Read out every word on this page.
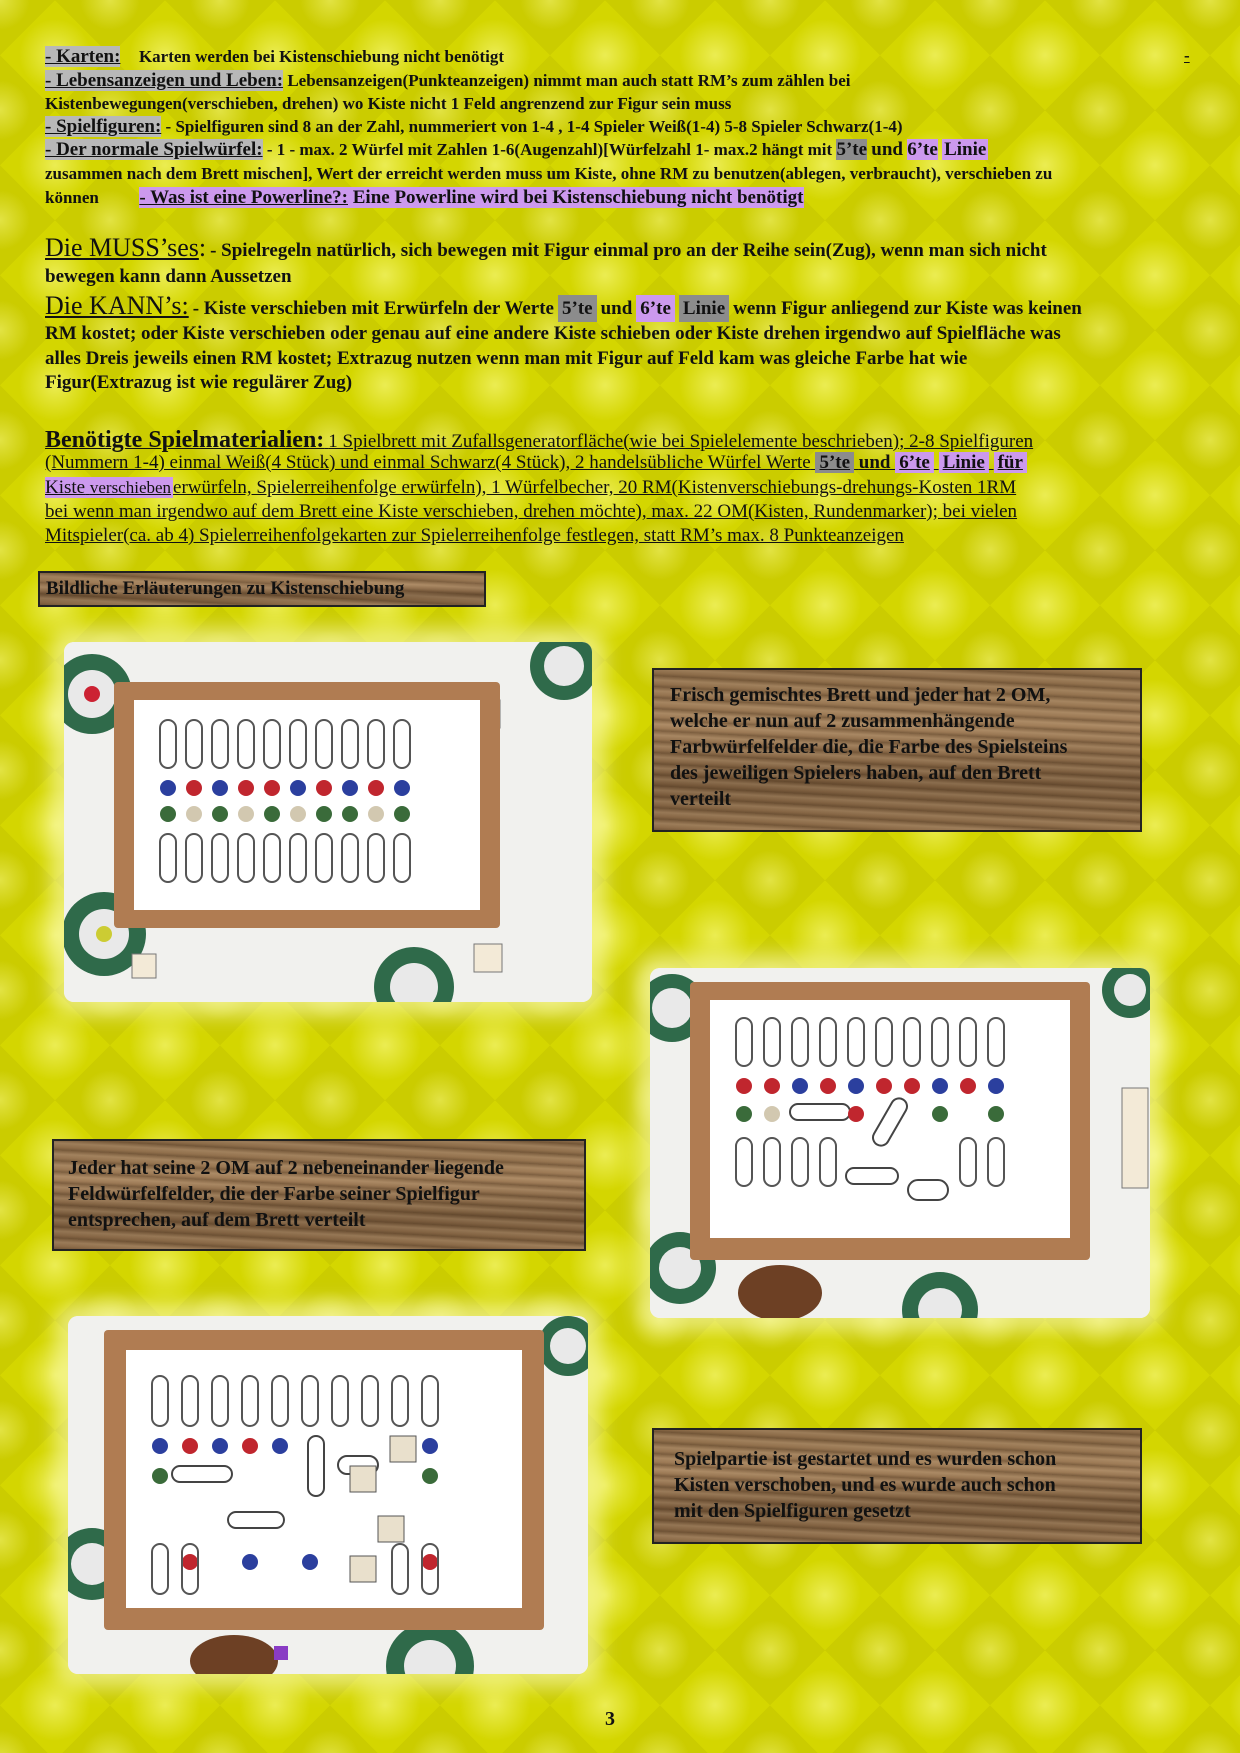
- Karten: Karten werden bei Kistenschiebung nicht benötigt	-
- Lebensanzeigen und Leben: Lebensanzeigen(Punkteanzeigen) nimmt man auch statt RM’s zum zählen bei
Kistenbewegungen(verschieben, drehen) wo Kiste nicht 1 Feld angrenzend zur Figur sein muss
- Spielfiguren: - Spielfiguren sind 8 an der Zahl, nummeriert von 1-4 , 1-4 Spieler Weiß(1-4) 5-8 Spieler Schwarz(1-4)
- Der normale Spielwürfel: - 1 - max. 2 Würfel mit Zahlen 1-6(Augenzahl)[Würfelzahl 1- max.2 hängt mit 5’te und 6’te Linie
zusammen nach dem Brett mischen], Wert der erreicht werden muss um Kiste, ohne RM zu benutzen(ablegen, verbraucht), verschieben zu
können - Was ist eine Powerline?: Eine Powerline wird bei Kistenschiebung nicht benötigt
Die MUSS’ses: - Spielregeln natürlich, sich bewegen mit Figur einmal pro an der Reihe sein(Zug), wenn man sich nicht
bewegen kann dann Aussetzen
Die KANN’s: - Kiste verschieben mit Erwürfeln der Werte 5’te und 6’te Linie wenn Figur anliegend zur Kiste was keinen
RM kostet; oder Kiste verschieben oder genau auf eine andere Kiste schieben oder Kiste drehen irgendwo auf Spielfläche was
alles Dreis jeweils einen RM kostet; Extrazug nutzen wenn man mit Figur auf Feld kam was gleiche Farbe hat wie
Figur(Extrazug ist wie regulärer Zug)
Benötigte Spielmaterialien: 1 Spielbrett mit Zufallsgeneratorfläche(wie bei Spielelemente beschrieben); 2-8 Spielfiguren
(Nummern 1-4) einmal Weiß(4 Stück) und einmal Schwarz(4 Stück), 2 handelsübliche Würfel Werte 5’te und 6’te Linie für
Kiste verschieben erwürfeln, Spielerreihenfolge erwürfeln), 1 Würfelbecher, 20 RM(Kistenverschiebungs-drehungs-Kosten 1RM
bei wenn man irgendwo auf dem Brett eine Kiste verschieben, drehen möchte), max. 22 OM(Kisten, Rundenmarker); bei vielen
Mitspieler(ca. ab 4) Spielerreihenfolgekarten zur Spielerreihenfolge festlegen, statt RM’s max. 8 Punkteanzeigen
Bildliche Erläuterungen zu Kistenschiebung
Frisch gemischtes Brett und jeder hat 2 OM,
welche er nun auf 2 zusammenhängende
Farbwürfelfelder die, die Farbe des Spielsteins
des jeweiligen Spielers haben, auf den Brett
verteilt
Jeder hat seine 2 OM auf 2 nebeneinander liegende
Feldwürfelfelder, die der Farbe seiner Spielfigur
entsprechen, auf dem Brett verteilt
Spielpartie ist gestartet und es wurden schon
Kisten verschoben, und es wurde auch schon
mit den Spielfiguren gesetzt
3
